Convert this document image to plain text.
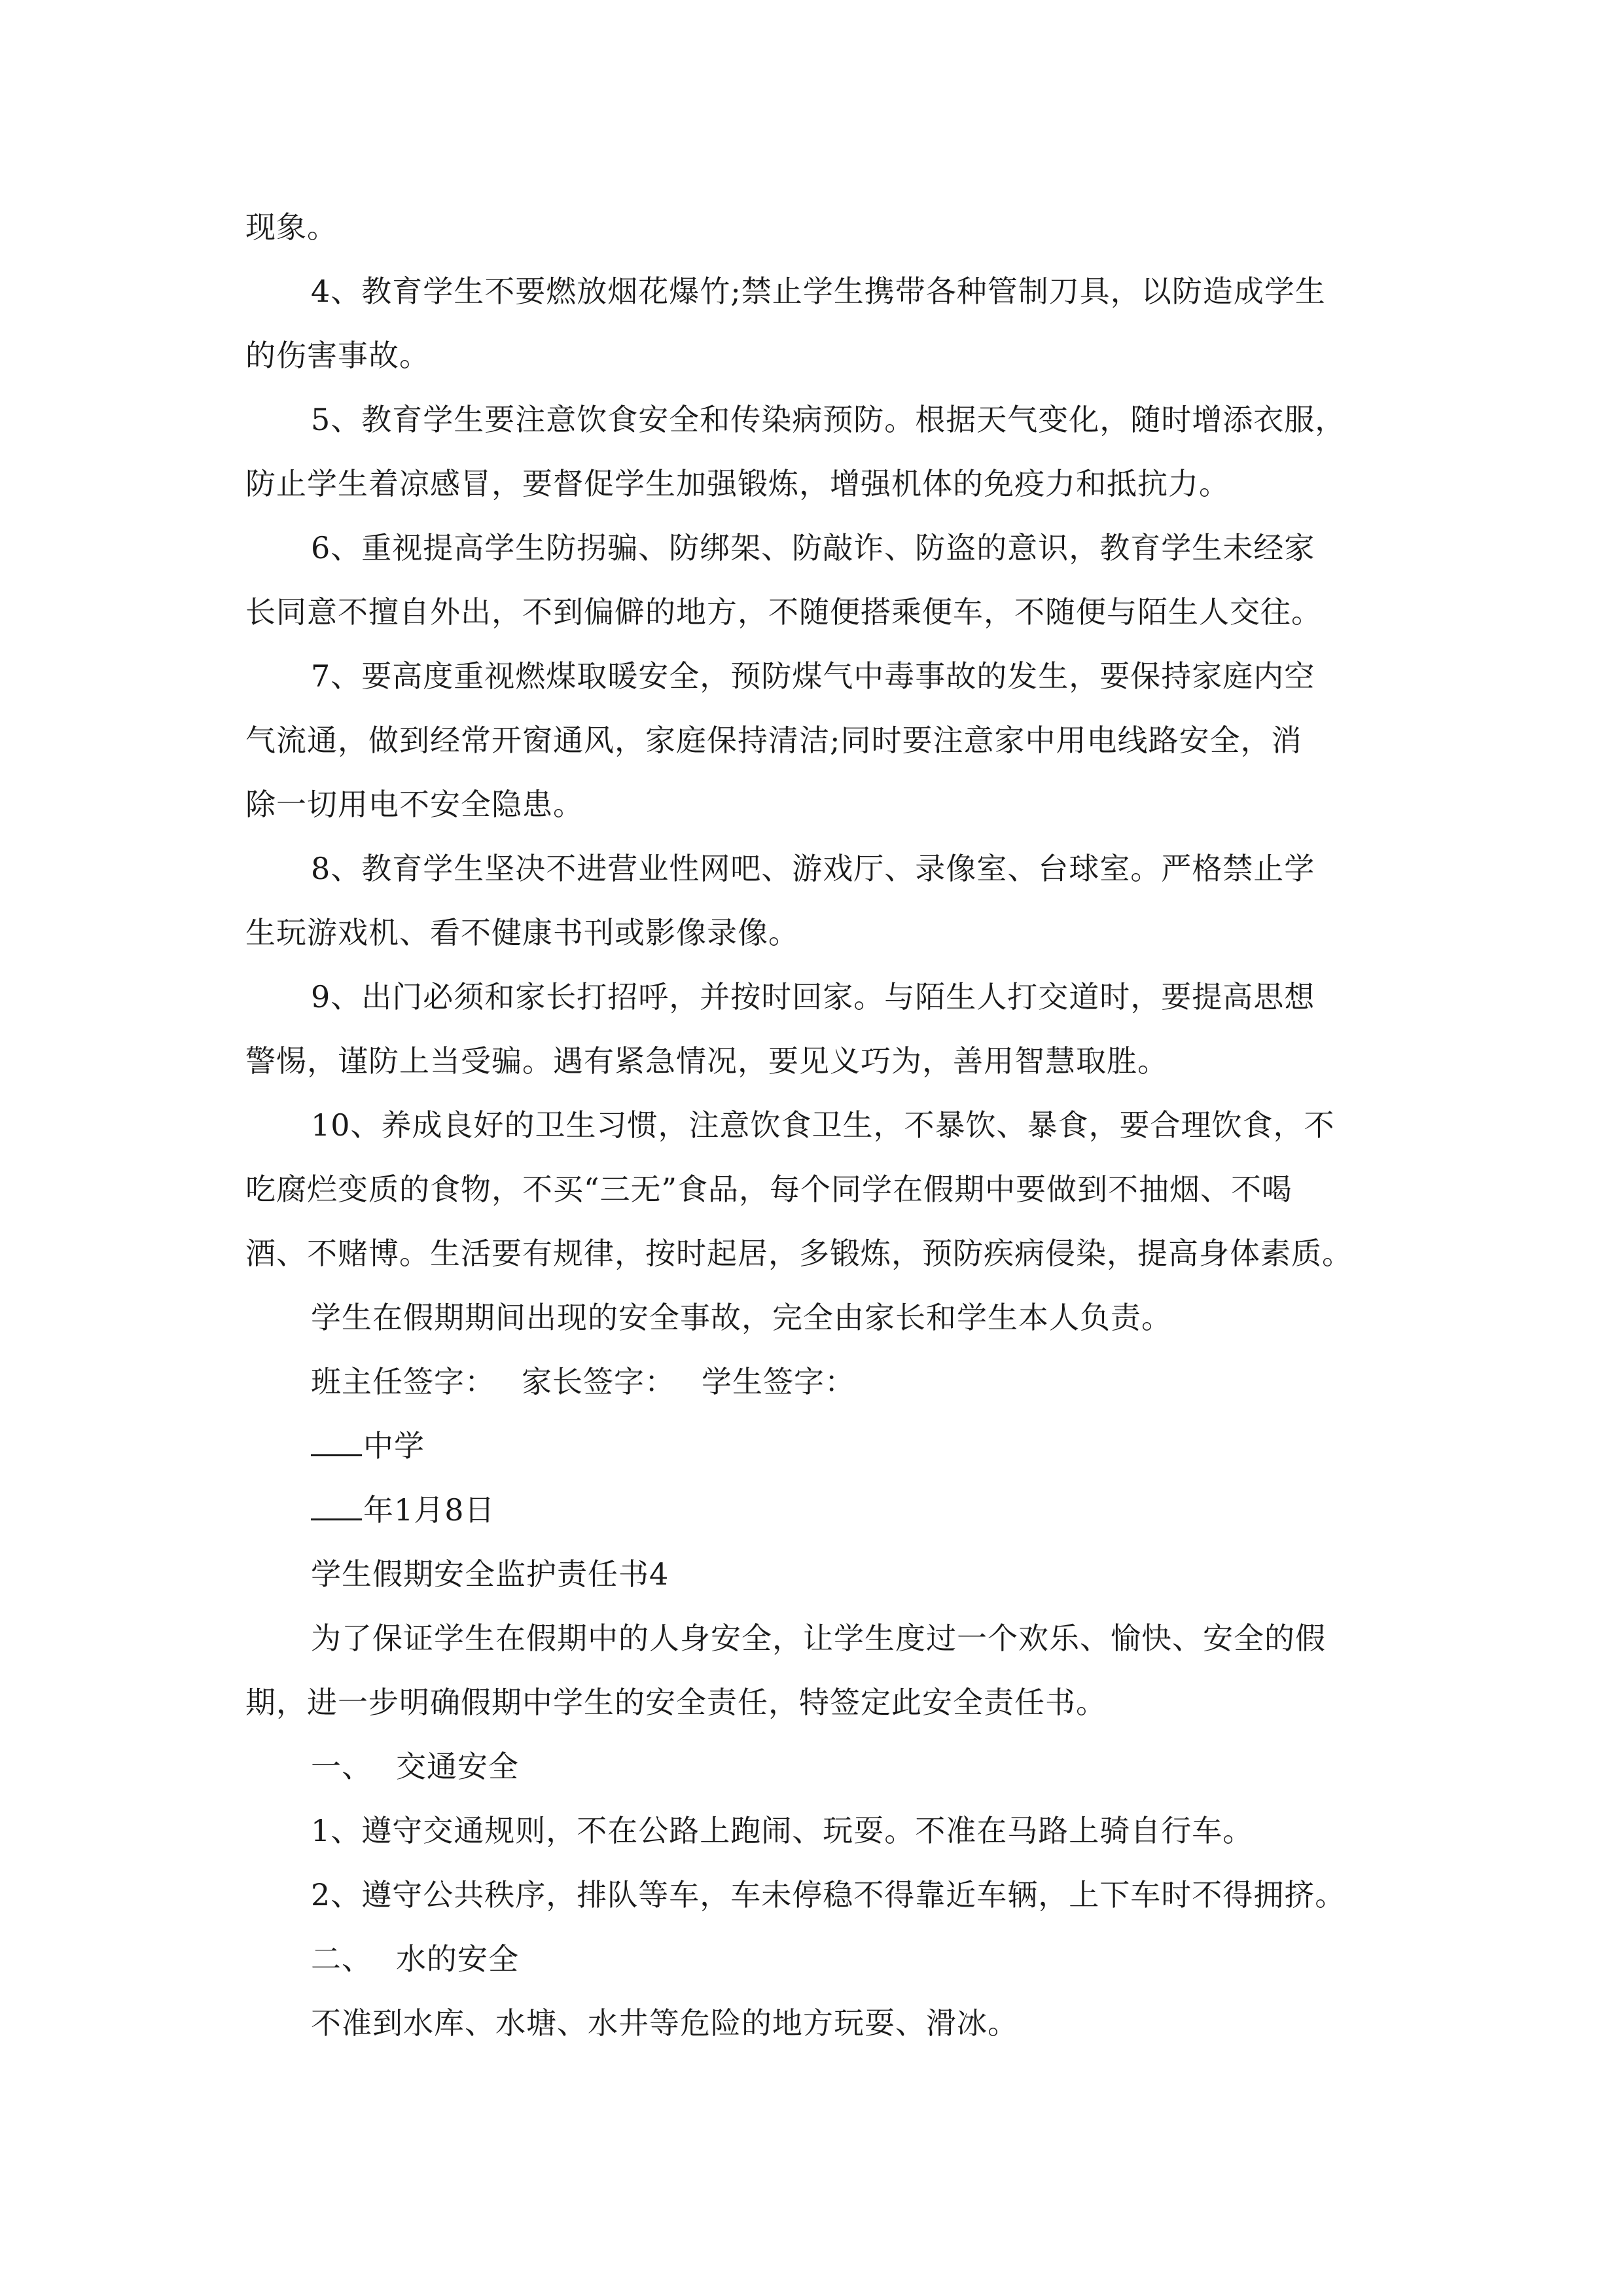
现象。
4、教育学生不要燃放烟花爆竹;禁止学生携带各种管制刀具，以防造成学生
的伤害事故。
5、教育学生要注意饮食安全和传染病预防。根据天气变化，随时增添衣服，
防止学生着凉感冒，要督促学生加强锻炼，增强机体的免疫力和抵抗力。
6、重视提高学生防拐骗、防绑架、防敲诈、防盗的意识，教育学生未经家
长同意不擅自外出，不到偏僻的地方，不随便搭乘便车，不随便与陌生人交往。
7、要高度重视燃煤取暖安全，预防煤气中毒事故的发生，要保持家庭内空
气流通，做到经常开窗通风，家庭保持清洁;同时要注意家中用电线路安全，消
除一切用电不安全隐患。
8、教育学生坚决不进营业性网吧、游戏厅、录像室、台球室。严格禁止学
生玩游戏机、看不健康书刊或影像录像。
9、出门必须和家长打招呼，并按时回家。与陌生人打交道时，要提高思想
警惕，谨防上当受骗。遇有紧急情况，要见义巧为，善用智慧取胜。
10、养成良好的卫生习惯，注意饮食卫生，不暴饮、暴食，要合理饮食，不
吃腐烂变质的食物，不买“三无”食品，每个同学在假期中要做到不抽烟、不喝
酒、不赌博。生活要有规律，按时起居，多锻炼，预防疾病侵染，提高身体素质。
学生在假期期间出现的安全事故，完全由家长和学生本人负责。
班主任签字： 家长签字： 学生签字：
中学
年1月8日
学生假期安全监护责任书4
为了保证学生在假期中的人身安全，让学生度过一个欢乐、愉快、安全的假
期，进一步明确假期中学生的安全责任，特签定此安全责任书。
一、 交通安全
1、遵守交通规则，不在公路上跑闹、玩耍。不准在马路上骑自行车。
2、遵守公共秩序，排队等车，车未停稳不得靠近车辆，上下车时不得拥挤。
二、 水的安全
不准到水库、水塘、水井等危险的地方玩耍、滑冰。
